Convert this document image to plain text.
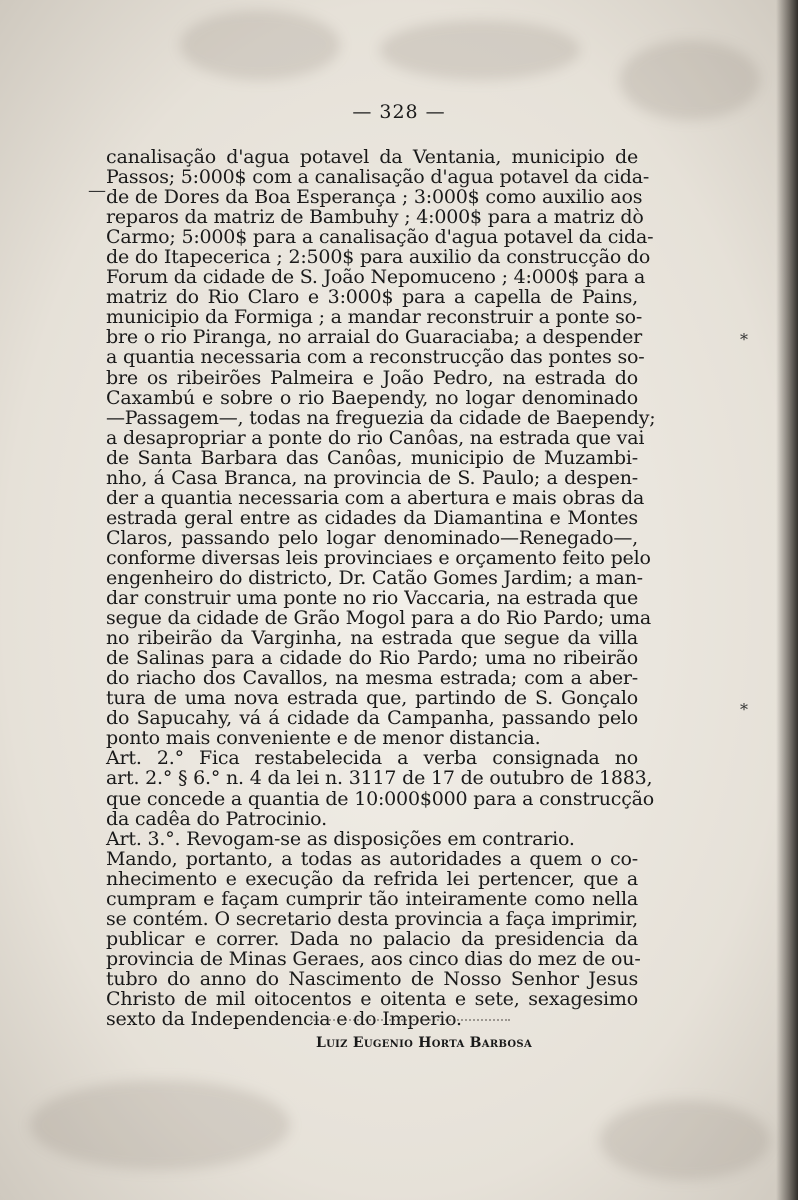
—
*
*
— 328 —
canalisação d'agua potavel da Ventania, municipio de
Passos; 5:000$ com a canalisação d'agua potavel da cida-
de de Dores da Boa Esperança ; 3:000$ como auxilio aos
reparos da matriz de Bambuhy ; 4:000$ para a matriz dò
Carmo; 5:000$ para a canalisação d'agua potavel da cida-
de do Itapecerica ; 2:500$ para auxilio da construcção do
Forum da cidade de S. João Nepomuceno ; 4:000$ para a
matriz do Rio Claro e 3:000$ para a capella de Pains,
municipio da Formiga ; a mandar reconstruir a ponte so-
bre o rio Piranga, no arraial do Guaraciaba; a despender
a quantia necessaria com a reconstrucção das pontes so-
bre os ribeirões Palmeira e João Pedro, na estrada do
Caxambú e sobre o rio Baependy, no logar denominado
—Passagem—, todas na freguezia da cidade de Baependy;
a desapropriar a ponte do rio Canôas, na estrada que vai
de Santa Barbara das Canôas, municipio de Muzambi-
nho, á Casa Branca, na provincia de S. Paulo; a despen-
der a quantia necessaria com a abertura e mais obras da
estrada geral entre as cidades da Diamantina e Montes
Claros, passando pelo logar denominado—Renegado—,
conforme diversas leis provinciaes e orçamento feito pelo
engenheiro do districto, Dr. Catão Gomes Jardim; a man-
dar construir uma ponte no rio Vaccaria, na estrada que
segue da cidade de Grão Mogol para a do Rio Pardo; uma
no ribeirão da Varginha, na estrada que segue da villa
de Salinas para a cidade do Rio Pardo; uma no ribeirão
do riacho dos Cavallos, na mesma estrada; com a aber-
tura de uma nova estrada que, partindo de S. Gonçalo
do Sapucahy, vá á cidade da Campanha, passando pelo
ponto mais conveniente e de menor distancia.
Art. 2.° Fica restabelecida a verba consignada no
art. 2.° § 6.° n. 4 da lei n. 3117 de 17 de outubro de 1883,
que concede a quantia de 10:000$000 para a construcção
da cadêa do Patrocinio.
Art. 3.°. Revogam-se as disposições em contrario.
Mando, portanto, a todas as autoridades a quem o co-
nhecimento e execução da refrida lei pertencer, que a
cumpram e façam cumprir tão inteiramente como nella
se contém. O secretario desta provincia a faça imprimir,
publicar e correr. Dada no palacio da presidencia da
provincia de Minas Geraes, aos cinco dias do mez de ou-
tubro do anno do Nascimento de Nosso Senhor Jesus
Christo de mil oitocentos e oitenta e sete, sexagesimo
sexto da Independencia e do Imperio.
Luiz Eugenio Horta Barbosa
